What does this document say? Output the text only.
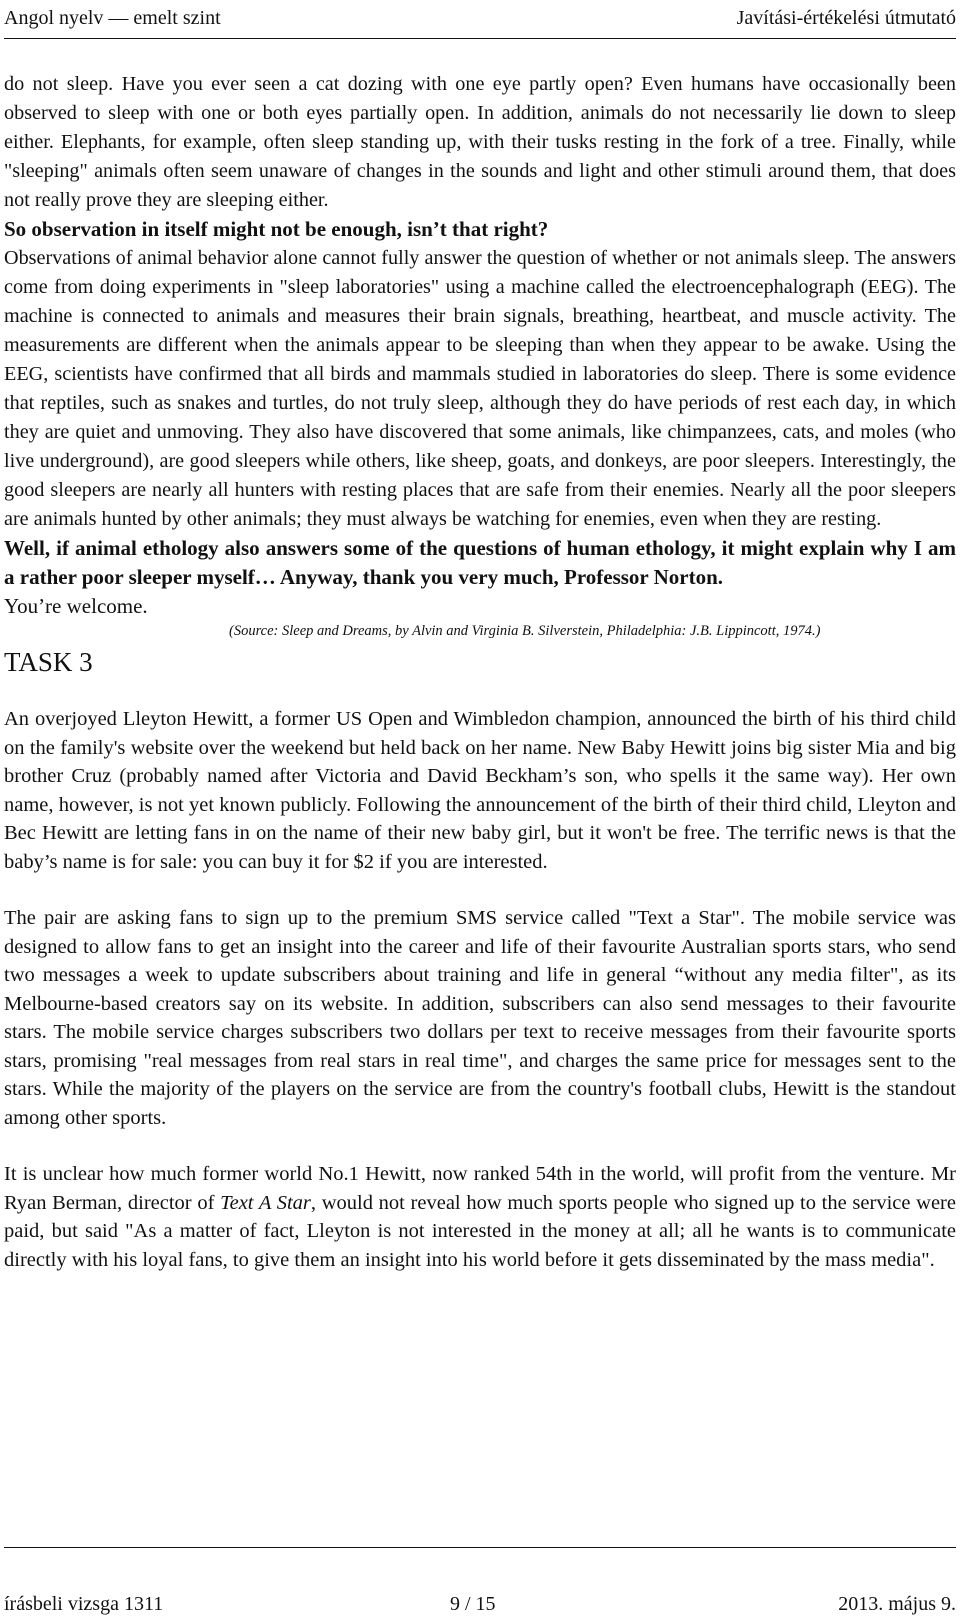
Angol nyelv — emelt szint	Javítási-értékelési útmutató

do not sleep. Have you ever seen a cat dozing with one eye partly open? Even humans have occasionally been observed to sleep with one or both eyes partially open. In addition, animals do not necessarily lie down to sleep either. Elephants, for example, often sleep standing up, with their tusks resting in the fork of a tree. Finally, while "sleeping" animals often seem unaware of changes in the sounds and light and other stimuli around them, that does not really prove they are sleeping either.

So observation in itself might not be enough, isn’t that right?

Observations of animal behavior alone cannot fully answer the question of whether or not animals sleep. The answers come from doing experiments in "sleep laboratories" using a machine called the electroencephalograph (EEG). The machine is connected to animals and measures their brain signals, breathing, heartbeat, and muscle activity. The measurements are different when the animals appear to be sleeping than when they appear to be awake. Using the EEG, scientists have confirmed that all birds and mammals studied in laboratories do sleep. There is some evidence that reptiles, such as snakes and turtles, do not truly sleep, although they do have periods of rest each day, in which they are quiet and unmoving. They also have discovered that some animals, like chimpanzees, cats, and moles (who live underground), are good sleepers while others, like sheep, goats, and donkeys, are poor sleepers. Interestingly, the good sleepers are nearly all hunters with resting places that are safe from their enemies. Nearly all the poor sleepers are animals hunted by other animals; they must always be watching for enemies, even when they are resting.

Well, if animal ethology also answers some of the questions of human ethology, it might explain why I am a rather poor sleeper myself… Anyway, thank you very much, Professor Norton.

You’re welcome.

(Source: Sleep and Dreams, by Alvin and Virginia B. Silverstein, Philadelphia: J.B. Lippincott, 1974.)

TASK 3

An overjoyed Lleyton Hewitt, a former US Open and Wimbledon champion, announced the birth of his third child on the family's website over the weekend but held back on her name. New Baby Hewitt joins big sister Mia and big brother Cruz (probably named after Victoria and David Beckham’s son, who spells it the same way). Her own name, however, is not yet known publicly. Following the announcement of the birth of their third child, Lleyton and Bec Hewitt are letting fans in on the name of their new baby girl, but it won't be free. The terrific news is that the baby’s name is for sale: you can buy it for $2 if you are interested.

The pair are asking fans to sign up to the premium SMS service called "Text a Star". The mobile service was designed to allow fans to get an insight into the career and life of their favourite Australian sports stars, who send two messages a week to update subscribers about training and life in general “without any media filter", as its Melbourne-based creators say on its website. In addition, subscribers can also send messages to their favourite stars. The mobile service charges subscribers two dollars per text to receive messages from their favourite sports stars, promising "real messages from real stars in real time", and charges the same price for messages sent to the stars. While the majority of the players on the service are from the country's football clubs, Hewitt is the standout among other sports.

It is unclear how much former world No.1 Hewitt, now ranked 54th in the world, will profit from the venture. Mr Ryan Berman, director of Text A Star, would not reveal how much sports people who signed up to the service were paid, but said "As a matter of fact, Lleyton is not interested in the money at all; all he wants is to communicate directly with his loyal fans, to give them an insight into his world before it gets disseminated by the mass media".

írásbeli vizsga 1311	9 / 15	2013. május 9.
